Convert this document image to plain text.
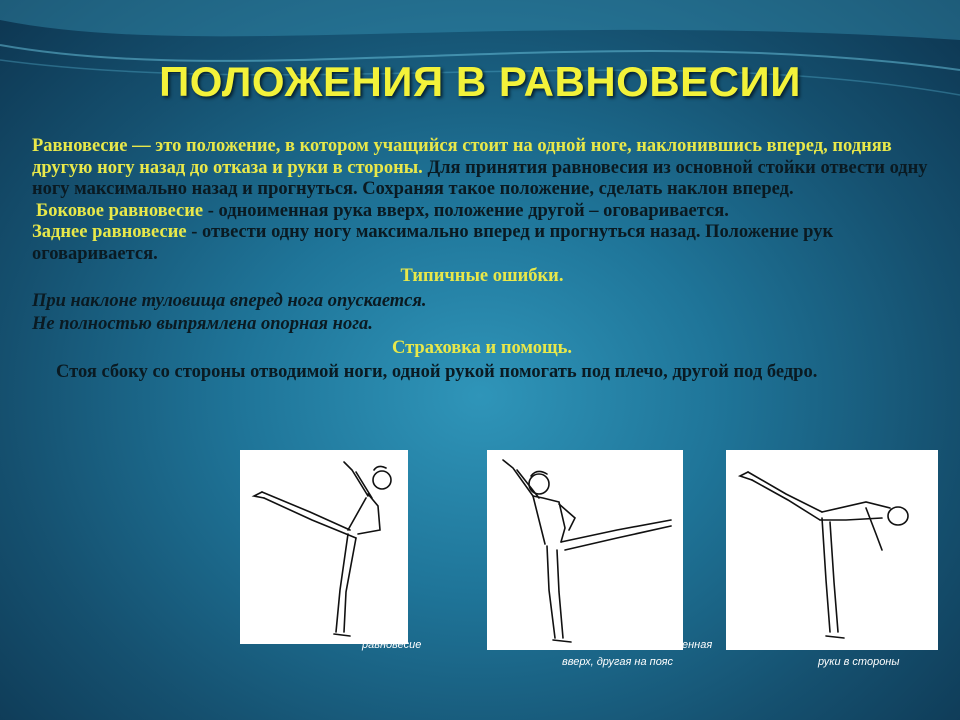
ПОЛОЖЕНИЯ В РАВНОВЕСИИ

Равновесие — это положение, в котором учащийся стоит на одной ноге, наклонившись вперед, подняв другую ногу назад до отказа и руки в стороны. Для принятия равновесия из основной стойки отвести одну ногу максимально назад и прогнуться. Сохраняя такое положение, сделать наклон вперед.

Боковое равновесие - одноименная рука вверх, положение другой – оговаривается.

Заднее равновесие - отвести одну ногу максимально вперед и прогнуться назад. Положение рук оговаривается.

Типичные ошибки.

При наклоне туловища вперед нога опускается.

Не полностью выпрямлена опорная нога.

Страховка и помощь.

Стоя сбоку со стороны отводимой ноги, одной рукой помогать под плечо, другой под бедро.

равновесие	енная
вверх, другая на пояс	руки в стороны
